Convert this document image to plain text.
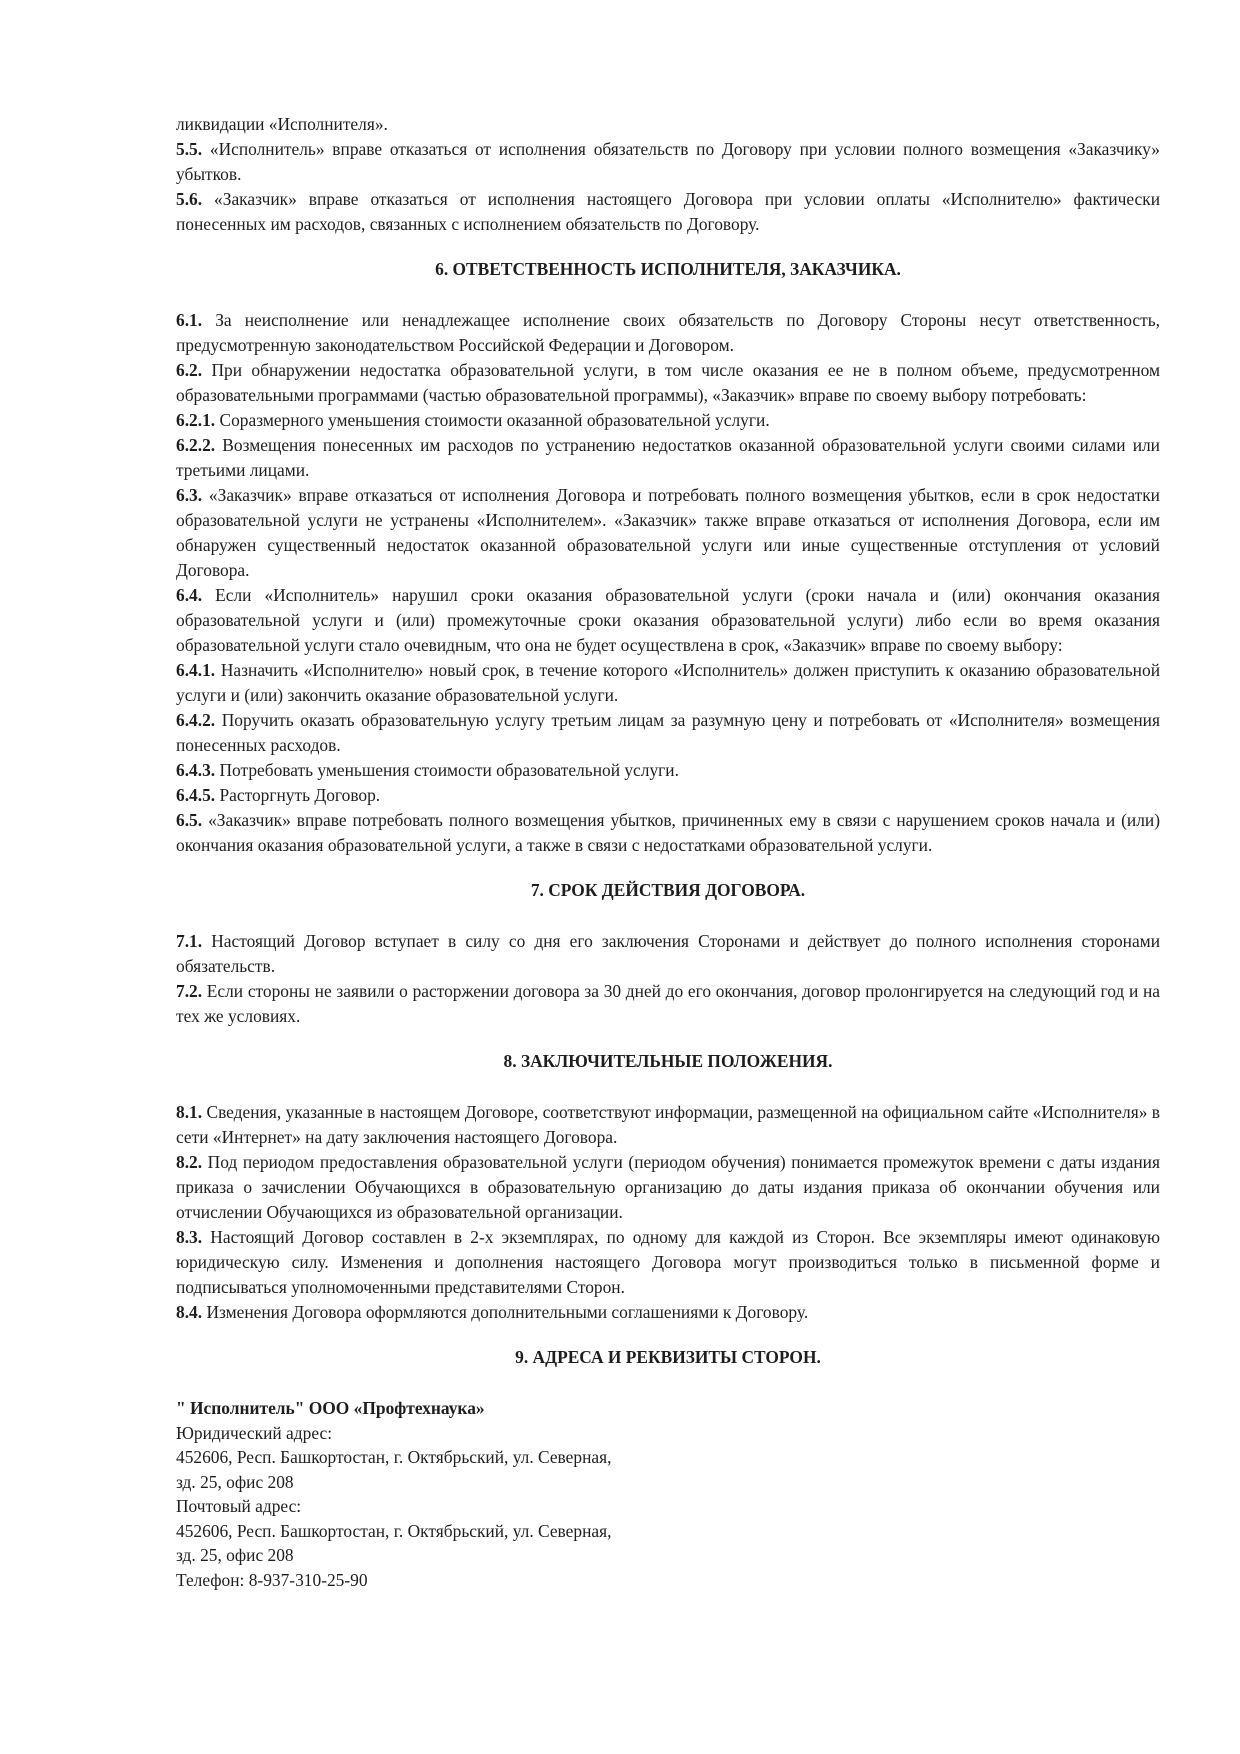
ликвидации «Исполнителя».

5.5. «Исполнитель» вправе отказаться от исполнения обязательств по Договору при условии полного возмещения «Заказчику» убытков.

5.6. «Заказчик» вправе отказаться от исполнения настоящего Договора при условии оплаты «Исполнителю» фактически понесенных им расходов, связанных с исполнением обязательств по Договору.

6. ОТВЕТСТВЕННОСТЬ ИСПОЛНИТЕЛЯ, ЗАКАЗЧИКА.

6.1. За неисполнение или ненадлежащее исполнение своих обязательств по Договору Стороны несут ответственность, предусмотренную законодательством Российской Федерации и Договором.

6.2. При обнаружении недостатка образовательной услуги, в том числе оказания ее не в полном объеме, предусмотренном образовательными программами (частью образовательной программы), «Заказчик» вправе по своему выбору потребовать:

6.2.1. Соразмерного уменьшения стоимости оказанной образовательной услуги.

6.2.2. Возмещения понесенных им расходов по устранению недостатков оказанной образовательной услуги своими силами или третьими лицами.

6.3. «Заказчик» вправе отказаться от исполнения Договора и потребовать полного возмещения убытков, если в срок недостатки образовательной услуги не устранены «Исполнителем». «Заказчик» также вправе отказаться от исполнения Договора, если им обнаружен существенный недостаток оказанной образовательной услуги или иные существенные отступления от условий Договора.

6.4. Если «Исполнитель» нарушил сроки оказания образовательной услуги (сроки начала и (или) окончания оказания образовательной услуги и (или) промежуточные сроки оказания образовательной услуги) либо если во время оказания образовательной услуги стало очевидным, что она не будет осуществлена в срок, «Заказчик» вправе по своему выбору:

6.4.1. Назначить «Исполнителю» новый срок, в течение которого «Исполнитель» должен приступить к оказанию образовательной услуги и (или) закончить оказание образовательной услуги.

6.4.2. Поручить оказать образовательную услугу третьим лицам за разумную цену и потребовать от «Исполнителя» возмещения понесенных расходов.

6.4.3. Потребовать уменьшения стоимости образовательной услуги.

6.4.5. Расторгнуть Договор.

6.5. «Заказчик» вправе потребовать полного возмещения убытков, причиненных ему в связи с нарушением сроков начала и (или) окончания оказания образовательной услуги, а также в связи с недостатками образовательной услуги.

7. СРОК ДЕЙСТВИЯ ДОГОВОРА.

7.1. Настоящий Договор вступает в силу со дня его заключения Сторонами и действует до полного исполнения сторонами обязательств.

7.2. Если стороны не заявили о расторжении договора за 30 дней до его окончания, договор пролонгируется на следующий год и на тех же условиях.

8. ЗАКЛЮЧИТЕЛЬНЫЕ ПОЛОЖЕНИЯ.

8.1. Сведения, указанные в настоящем Договоре, соответствуют информации, размещенной на официальном сайте «Исполнителя» в сети «Интернет» на дату заключения настоящего Договора.

8.2. Под периодом предоставления образовательной услуги (периодом обучения) понимается промежуток времени с даты издания приказа о зачислении Обучающихся в образовательную организацию до даты издания приказа об окончании обучения или отчислении Обучающихся из образовательной организации.

8.3. Настоящий Договор составлен в 2-х экземплярах, по одному для каждой из Сторон. Все экземпляры имеют одинаковую юридическую силу. Изменения и дополнения настоящего Договора могут производиться только в письменной форме и подписываться уполномоченными представителями Сторон.

8.4. Изменения Договора оформляются дополнительными соглашениями к Договору.

9. АДРЕСА И РЕКВИЗИТЫ СТОРОН.

" Исполнитель" ООО «Профтехнаука»

Юридический адрес:

452606, Респ. Башкортостан, г. Октябрьский, ул. Северная,

зд. 25, офис 208

Почтовый адрес:

452606, Респ. Башкортостан, г. Октябрьский, ул. Северная,

зд. 25, офис 208

Телефон: 8-937-310-25-90
